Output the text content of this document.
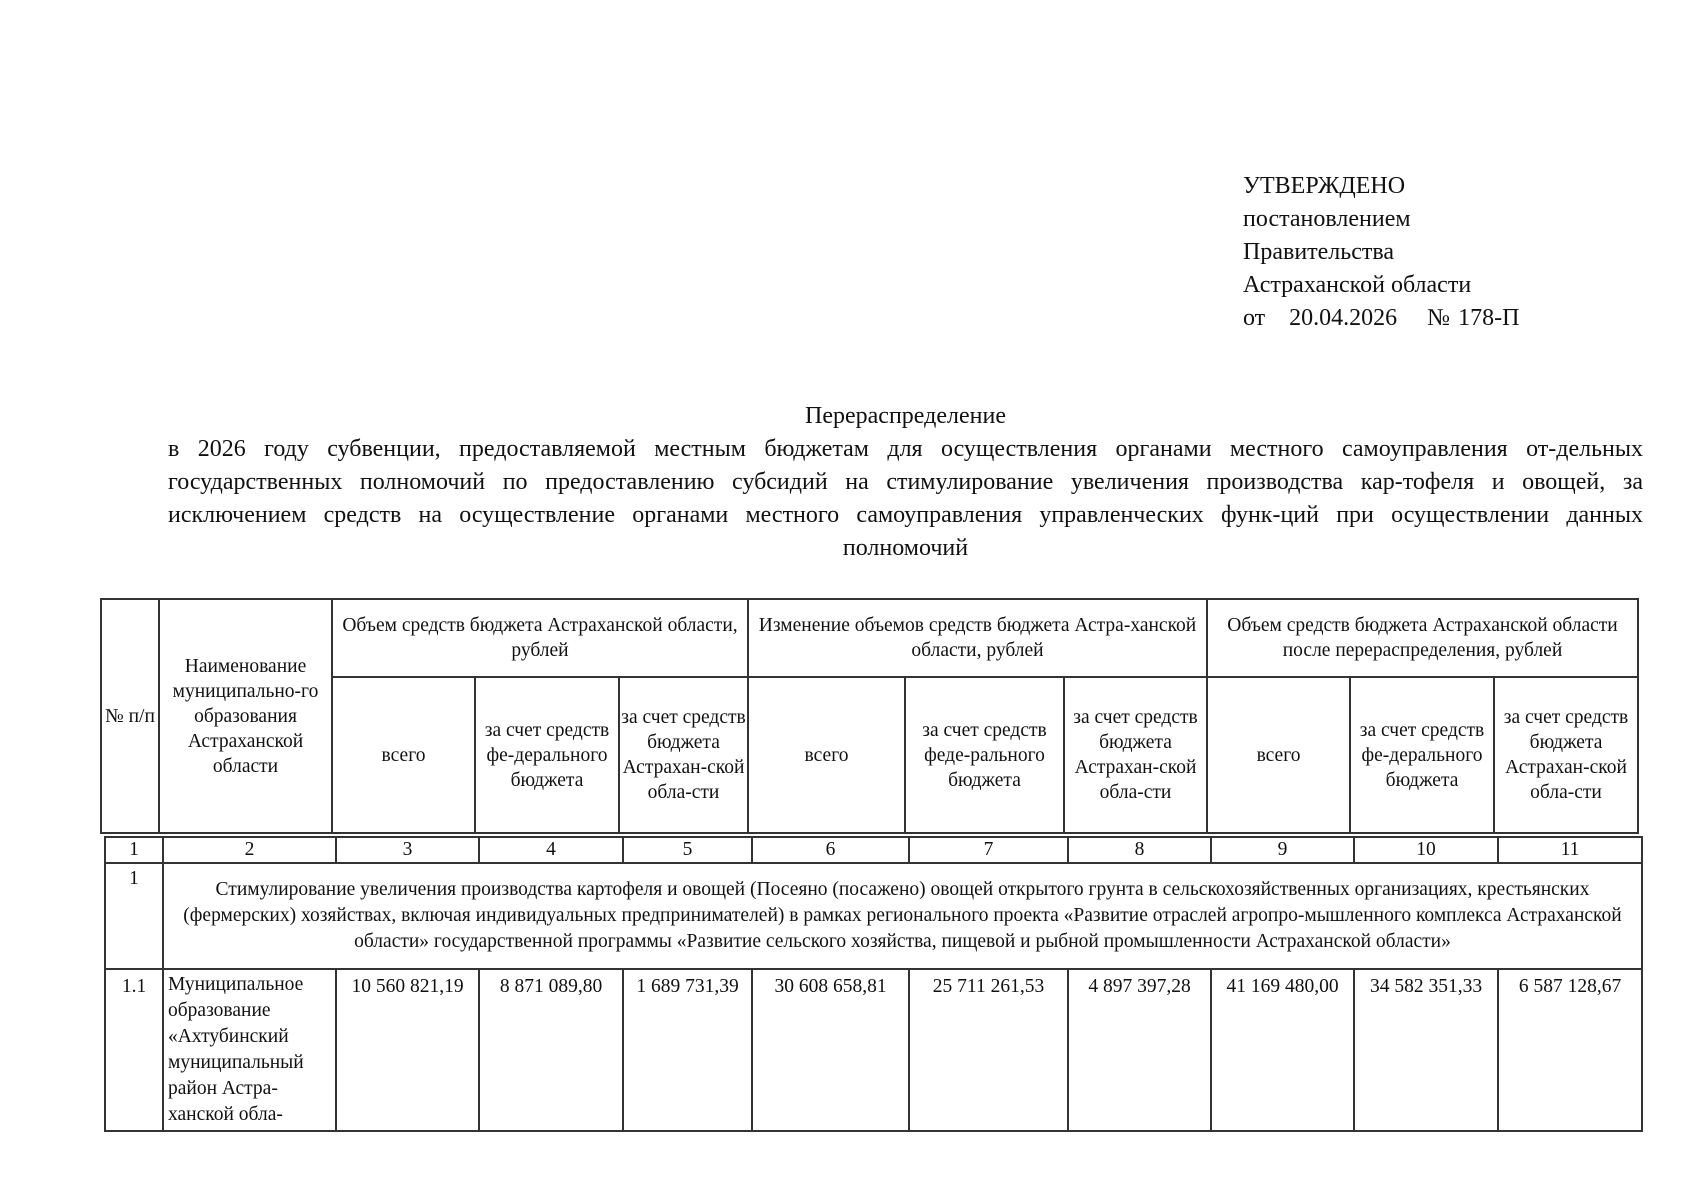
УТВЕРЖДЕНО
постановлением
Правительства
Астраханской области
от 20.04.2026 № 178-П
Перераспределение
в 2026 году субвенции, предоставляемой местным бюджетам для осуществления органами местного самоуправления от-дельных государственных полномочий по предоставлению субсидий на стимулирование увеличения производства кар-тофеля и овощей, за исключением средств на осуществление органами местного самоуправления управленческих функ-ций при осуществлении данных полномочий
№ п/п	Наименование муниципально-го образования Астраханской области	Объем средств бюджета Астраханской области, рублей			Изменение объемов средств бюджета Астра-ханской области, рублей			Объем средств бюджета Астраханской области после перераспределения, рублей		
		всего	за счет средств фе-дерального бюджета	за счет средств бюджета Астрахан-ской обла-сти	всего	за счет средств феде-рального бюджета	за счет средств бюджета Астрахан-ской обла-сти	всего	за счет средств фе-дерального бюджета	за счет средств бюджета Астрахан-ской обла-сти
1	2	3	4	5	6	7	8	9	10	11
1	Стимулирование увеличения производства картофеля и овощей (Посеяно (посажено) овощей открытого грунта в сельскохозяйственных организациях, крестьянских (фермерских) хозяйствах, включая индивидуальных предпринимателей) в рамках регионального проекта «Развитие отраслей агропро-мышленного комплекса Астраханской области» государственной программы «Развитие сельского хозяйства, пищевой и рыбной промышленности Астраханской области»									
1.1	Муниципальное образование «Ахтубинский муниципальный район Астра-ханской обла-	10 560 821,19	8 871 089,80	1 689 731,39	30 608 658,81	25 711 261,53	4 897 397,28	41 169 480,00	34 582 351,33	6 587 128,67
